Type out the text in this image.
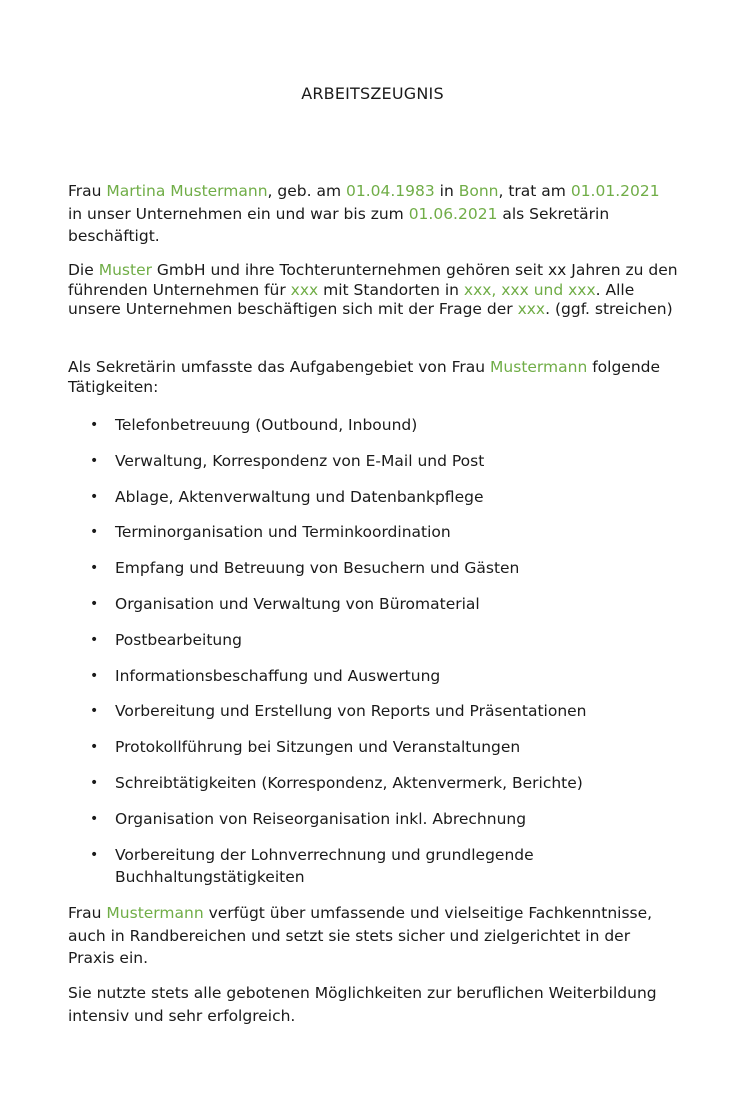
ARBEITSZEUGNIS

Frau Martina Mustermann, geb. am 01.04.1983 in Bonn, trat am 01.01.2021 in unser Unternehmen ein und war bis zum 01.06.2021 als Sekretärin beschäftigt.

Die Muster GmbH und ihre Tochterunternehmen gehören seit xx Jahren zu den führenden Unternehmen für xxx mit Standorten in xxx, xxx und xxx. Alle unsere Unternehmen beschäftigen sich mit der Frage der xxx. (ggf. streichen)

Als Sekretärin umfasste das Aufgabengebiet von Frau Mustermann folgende Tätigkeiten:

• Telefonbetreuung (Outbound, Inbound)
• Verwaltung, Korrespondenz von E-Mail und Post
• Ablage, Aktenverwaltung und Datenbankpflege
• Terminorganisation und Terminkoordination
• Empfang und Betreuung von Besuchern und Gästen
• Organisation und Verwaltung von Büromaterial
• Postbearbeitung
• Informationsbeschaffung und Auswertung
• Vorbereitung und Erstellung von Reports und Präsentationen
• Protokollführung bei Sitzungen und Veranstaltungen
• Schreibtätigkeiten (Korrespondenz, Aktenvermerk, Berichte)
• Organisation von Reiseorganisation inkl. Abrechnung
• Vorbereitung der Lohnverrechnung und grundlegende Buchhaltungstätigkeiten

Frau Mustermann verfügt über umfassende und vielseitige Fachkenntnisse, auch in Randbereichen und setzt sie stets sicher und zielgerichtet in der Praxis ein.

Sie nutzte stets alle gebotenen Möglichkeiten zur beruflichen Weiterbildung intensiv und sehr erfolgreich.
